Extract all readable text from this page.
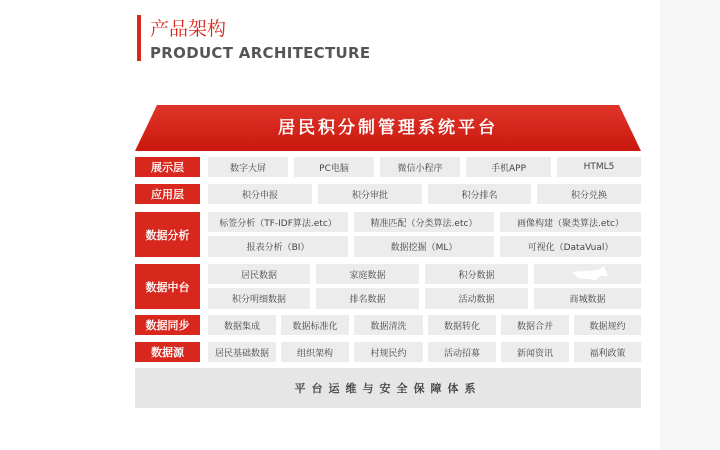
产品架构
PRODUCT ARCHITECTURE
居民积分制管理系统平台
展示层	数字大屏	PC电脑	微信小程序	手机APP	HTML5
应用层	积分申报	积分审批	积分排名	积分兑换
数据分析
标签分析（TF-IDF算法.etc）	精准匹配（分类算法.etc）	画像构建（聚类算法.etc）
报表分析（BI）	数据挖掘（ML）	可视化（DataVual）
数据中台
居民数据	家庭数据	积分数据
积分明细数据	排名数据	活动数据	商城数据
数据同步	数据集成	数据标准化	数据清洗	数据转化	数据合并	数据规约
数据源	居民基础数据	组织架构	村规民约	活动招募	新闻资讯	福利政策
平台运维与安全保障体系
